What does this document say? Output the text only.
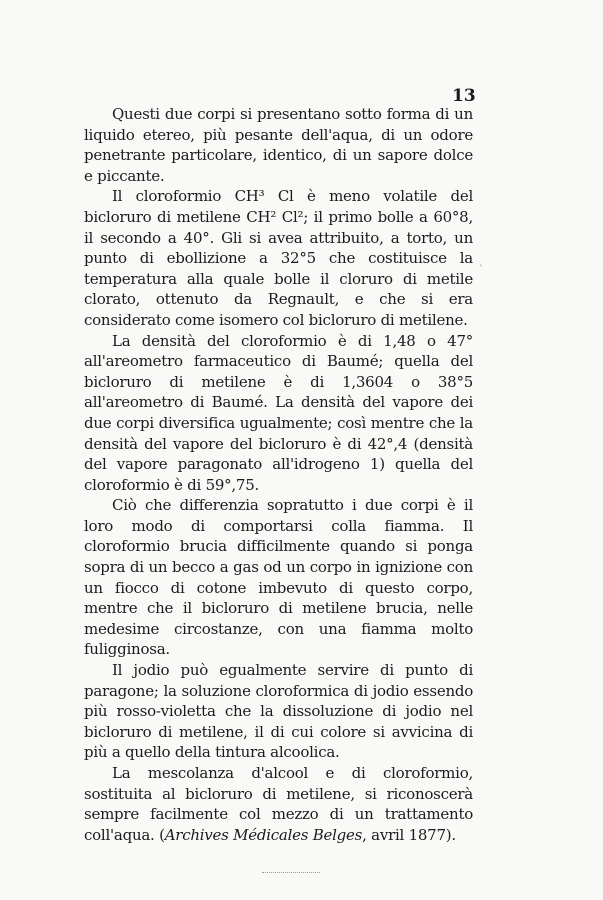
13
`

Questi due corpi si presentano sotto forma di un liquido etereo, più pesante dell'aqua, di un odore penetrante particolare, identico, di un sapore dolce e piccante.

Il cloroformio CH³ Cl è meno volatile del bicloruro di metilene CH² Cl²; il primo bolle a 60°8, il secondo a 40°. Gli si avea attribuito, a torto, un punto di ebollizione a 32°5 che costituisce la temperatura alla quale bolle il cloruro di metile clorato, ottenuto da Regnault, e che si era considerato come isomero col bicloruro di metilene.

La densità del cloroformio è di 1,48 o 47° all'areometro farmaceutico di Baumé; quella del bicloruro di metilene è di 1,3604 o 38°5 all'areometro di Baumé. La densità del vapore dei due corpi diversifica ugualmente; così mentre che la densità del vapore del bicloruro è di 42°,4 (densità del vapore paragonato all'idrogeno 1) quella del cloroformio è di 59°,75.

Ciò che differenzia sopratutto i due corpi è il loro modo di comportarsi colla fiamma. Il cloroformio brucia difficilmente quando si ponga sopra di un becco a gas od un corpo in ignizione con un fiocco di cotone imbevuto di questo corpo, mentre che il bicloruro di metilene brucia, nelle medesime circostanze, con una fiamma molto fuligginosa.

Il jodio può egualmente servire di punto di paragone; la soluzione cloroformica di jodio essendo più rosso-violetta che la dissoluzione di jodio nel bicloruro di metilene, il di cui colore si avvicina di più a quello della tintura alcoolica.

La mescolanza d'alcool e di cloroformio, sostituita al bicloruro di metilene, si riconoscerà sempre facilmente col mezzo di un trattamento coll'aqua. (Archives Médicales Belges, avril 1877).
